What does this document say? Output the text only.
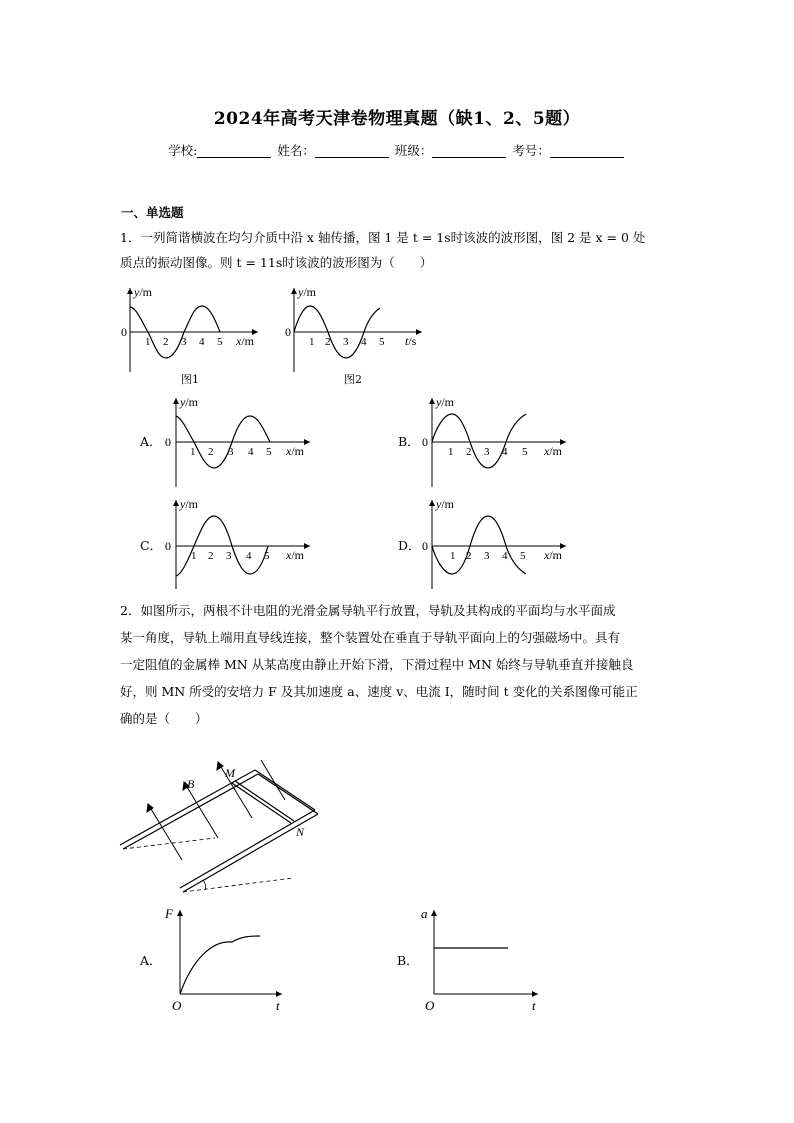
2024年高考天津卷物理真题（缺1、2、5题）
学校:	姓名：	班级：	考号：
一、单选题
1．一列简谐横波在均匀介质中沿 x 轴传播，图 1 是 t = 1s时该波的波形图，图 2 是 x = 0 处
质点的振动图像。则 t = 11s时该波的波形图为（　　）
y/m
0
1 2 3 4 5 x/m
图1
y/m
0
1 2 3 4 5 t/s
图2
A．
y/m
0
1 2 3 4 5 x/m
B．
y/m
0
1 2 3 4 5 x/m
C．
y/m
0
1 2 3 4 5 x/m
D．
y/m
0
1 2 3 4 5 x/m
2．如图所示，两根不计电阻的光滑金属导轨平行放置，导轨及其构成的平面均与水平面成
某一角度，导轨上端用直导线连接，整个装置处在垂直于导轨平面向上的匀强磁场中。具有
一定阻值的金属棒 MN 从某高度由静止开始下滑，下滑过程中 MN 始终与导轨垂直并接触良
好，则 MN 所受的安培力 F 及其加速度 a、速度 v、电流 I，随时间 t 变化的关系图像可能正
确的是（　　）
B
M
N
A．
F
O	t
B．
a
O	t
